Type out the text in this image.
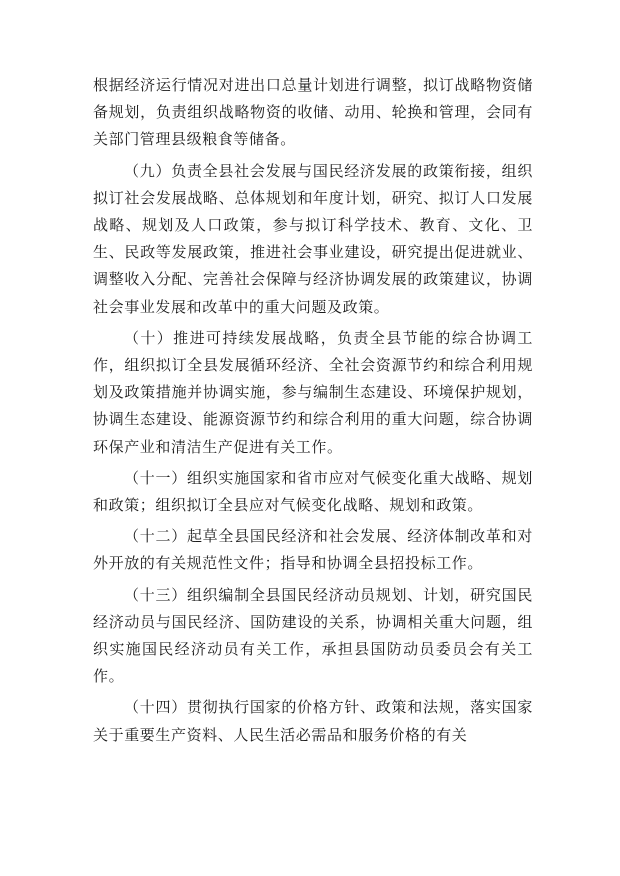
根据经济运行情况对进出口总量计划进行调整，拟订战略物资储备规划，负责组织战略物资的收储、动用、轮换和管理，会同有关部门管理县级粮食等储备。

（九）负责全县社会发展与国民经济发展的政策衔接，组织拟订社会发展战略、总体规划和年度计划，研究、拟订人口发展战略、规划及人口政策，参与拟订科学技术、教育、文化、卫生、民政等发展政策，推进社会事业建设，研究提出促进就业、调整收入分配、完善社会保障与经济协调发展的政策建议，协调社会事业发展和改革中的重大问题及政策。

（十）推进可持续发展战略，负责全县节能的综合协调工作，组织拟订全县发展循环经济、全社会资源节约和综合利用规划及政策措施并协调实施，参与编制生态建设、环境保护规划，协调生态建设、能源资源节约和综合利用的重大问题，综合协调环保产业和清洁生产促进有关工作。

（十一）组织实施国家和省市应对气候变化重大战略、规划和政策；组织拟订全县应对气候变化战略、规划和政策。

（十二）起草全县国民经济和社会发展、经济体制改革和对外开放的有关规范性文件；指导和协调全县招投标工作。

（十三）组织编制全县国民经济动员规划、计划，研究国民经济动员与国民经济、国防建设的关系，协调相关重大问题，组织实施国民经济动员有关工作，承担县国防动员委员会有关工作。

（十四）贯彻执行国家的价格方针、政策和法规，落实国家关于重要生产资料、人民生活必需品和服务价格的有关
